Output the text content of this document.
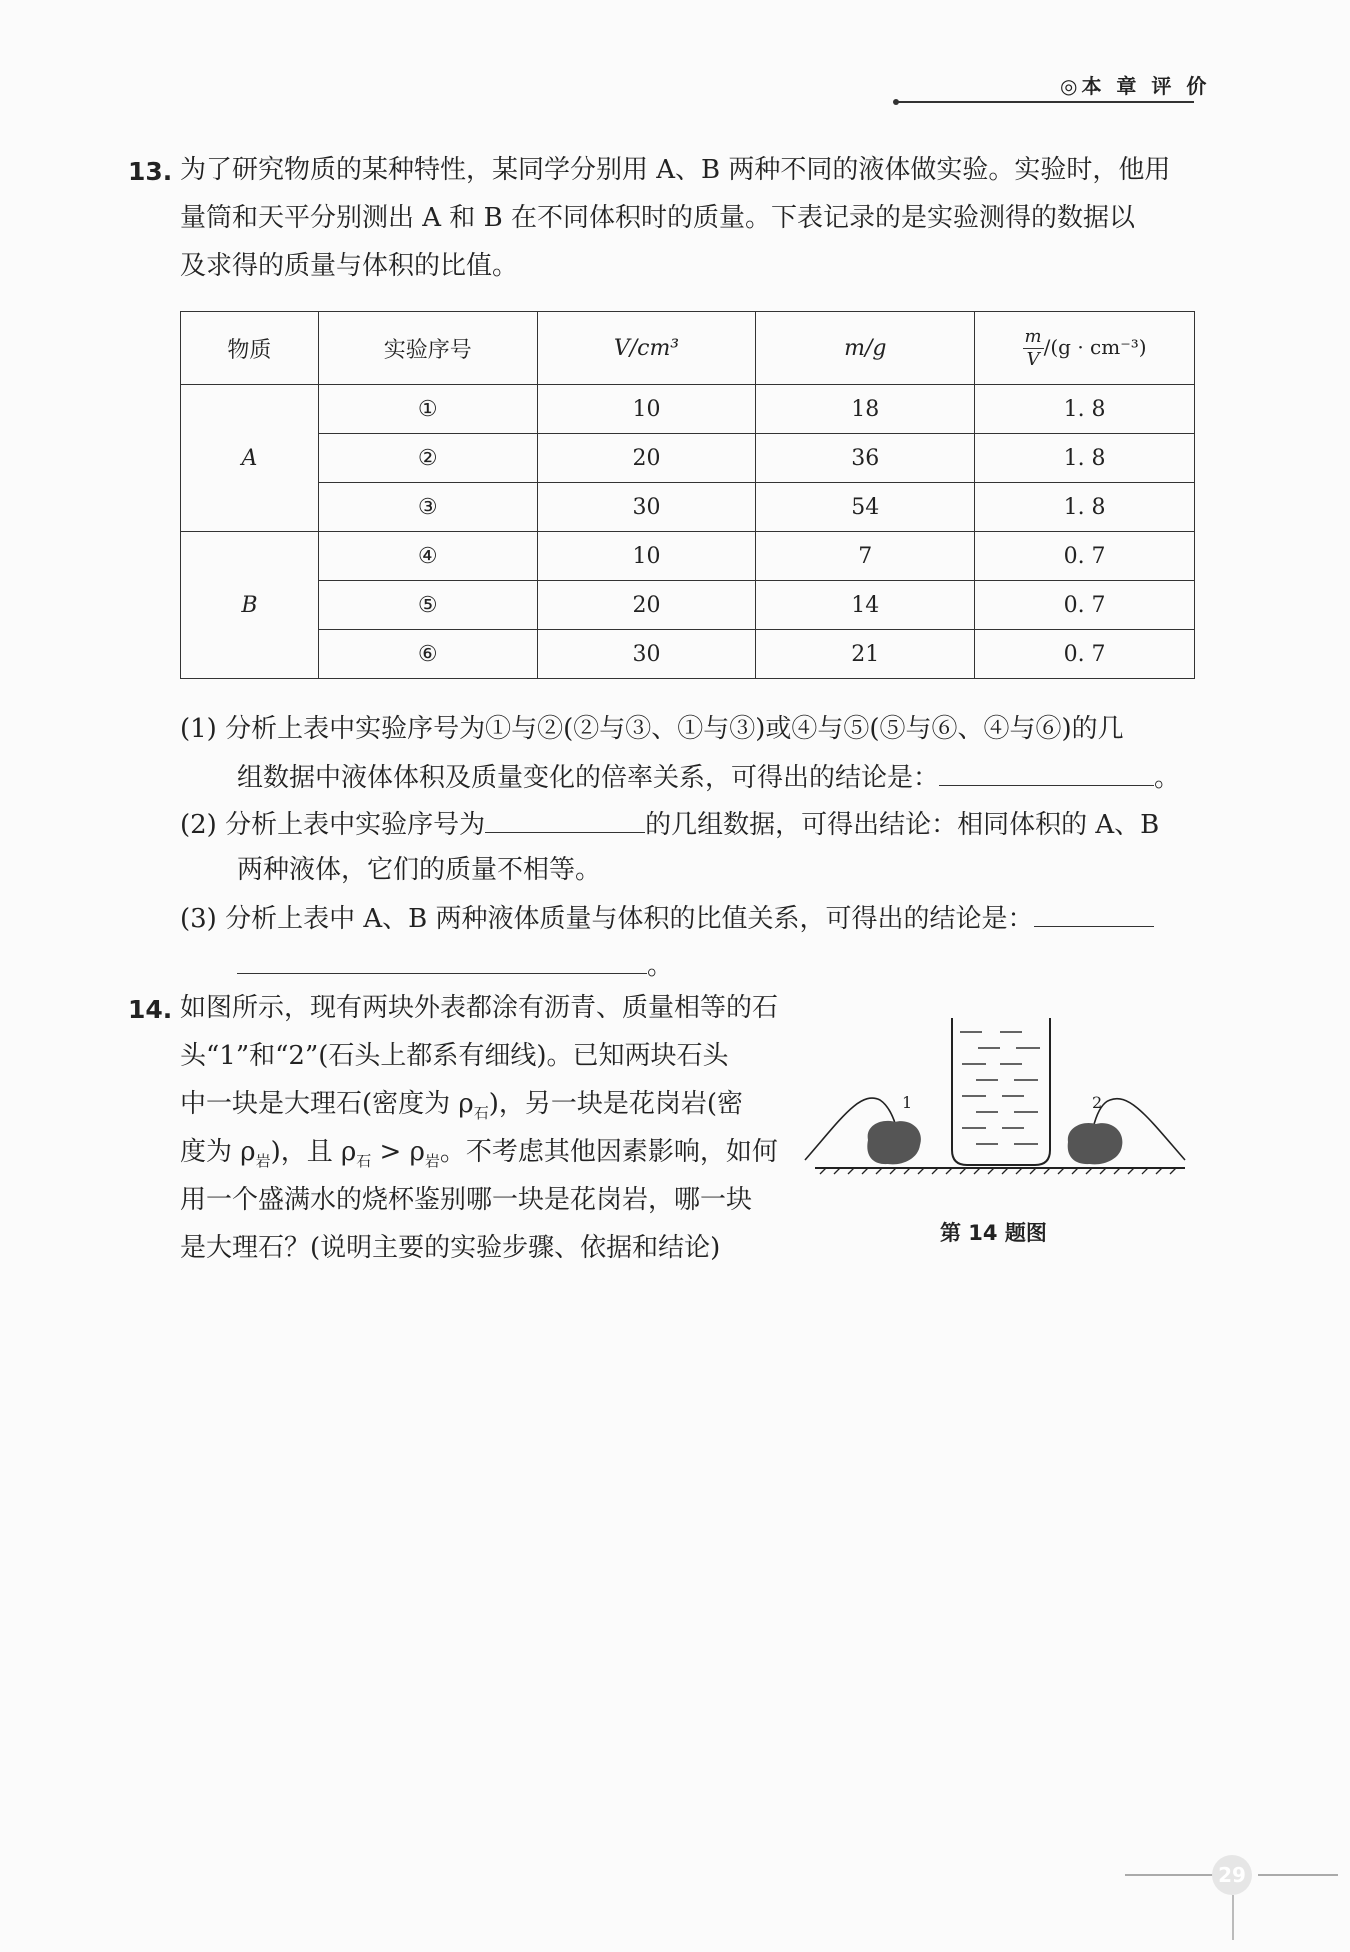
◎本 章 评 价
13. 为了研究物质的某种特性，某同学分别用 A、B 两种不同的液体做实验。实验时，他用
量筒和天平分别测出 A 和 B 在不同体积时的质量。下表记录的是实验测得的数据以
及求得的质量与体积的比值。
物质	实验序号	V/cm³	m/g	$\frac{m}{V} /(g \cdot cm^{-3})$
A	①	10	18	1. 8
	②	20	36	1. 8
	③	30	54	1. 8
B	④	10	7	0. 7
	⑤	20	14	0. 7
	⑥	30	21	0. 7
(1) 分析上表中实验序号为①与②(②与③、①与③)或④与⑤(⑤与⑥、④与⑥)的几
组数据中液体体积及质量变化的倍率关系，可得出的结论是：	。
(2) 分析上表中实验序号为	的几组数据，可得出结论：相同体积的 A、B
两种液体，它们的质量不相等。
(3) 分析上表中 A、B 两种液体质量与体积的比值关系，可得出的结论是：
。
14. 如图所示，现有两块外表都涂有沥青、质量相等的石
头“1”和“2”(石头上都系有细线)。已知两块石头
中一块是大理石(密度为 $\rho_石$)，另一块是花岗岩(密
度为 $\rho_岩$)，且 $\rho_石 > \rho_岩$。不考虑其他因素影响，如何
用一个盛满水的烧杯鉴别哪一块是花岗岩，哪一块
是大理石？(说明主要的实验步骤、依据和结论)
1	2
第 14 题图
29
